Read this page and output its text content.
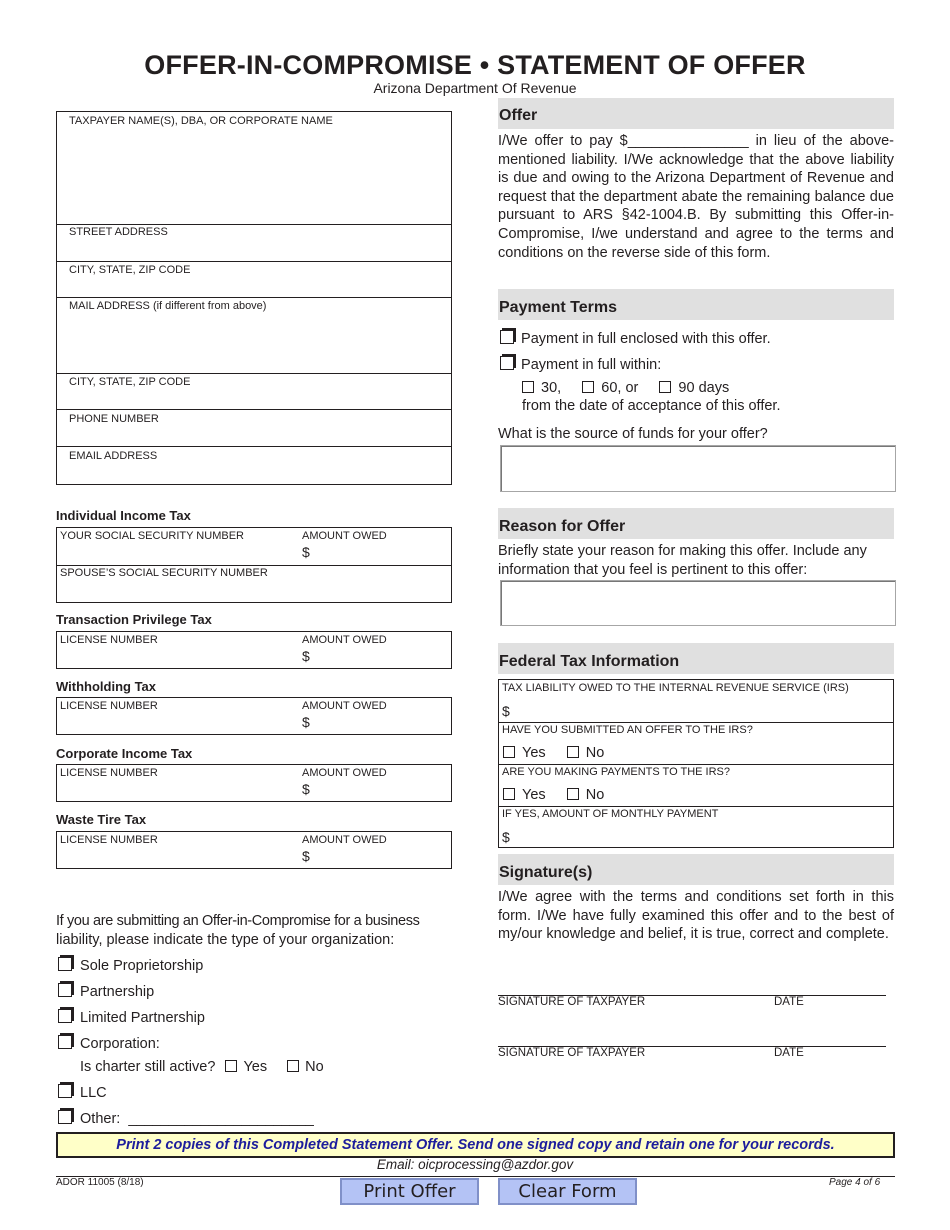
OFFER-IN-COMPROMISE • STATEMENT OF OFFER
Arizona Department Of Revenue
TAXPAYER NAME(S), DBA, OR CORPORATE NAME
STREET ADDRESS
CITY, STATE, ZIP CODE
MAIL ADDRESS (if different from above)
CITY, STATE, ZIP CODE
PHONE NUMBER
EMAIL ADDRESS
Individual Income Tax
YOUR SOCIAL SECURITY NUMBER	AMOUNT OWED
$
SPOUSE’S SOCIAL SECURITY NUMBER
Transaction Privilege Tax
LICENSE NUMBER	AMOUNT OWED
$
Withholding Tax
LICENSE NUMBER	AMOUNT OWED
$
Corporate Income Tax
LICENSE NUMBER	AMOUNT OWED
$
Waste Tire Tax
LICENSE NUMBER	AMOUNT OWED
$
If you are submitting an Offer-in-Compromise for a business
liability, please indicate the type of your organization:
Sole Proprietorship
Partnership
Limited Partnership
Corporation:
Is charter still active? Yes	No
LLC
Other: _______________________
Offer
I/We offer to pay $_______________ in lieu of the above-mentioned liability. I/We acknowledge that the above liability is due and owing to the Arizona Department of Revenue and request that the department abate the remaining balance due pursuant to ARS §42-1004.B. By submitting this Offer-in-Compromise, I/we understand and agree to the terms and conditions on the reverse side of this form.
Payment Terms
Payment in full enclosed with this offer.
Payment in full within:
30,	60, or	90 days
from the date of acceptance of this offer.
What is the source of funds for your offer?
Reason for Offer
Briefly state your reason for making this offer. Include any information that you feel is pertinent to this offer:
Federal Tax Information
TAX LIABILITY OWED TO THE INTERNAL REVENUE SERVICE (IRS)
$
HAVE YOU SUBMITTED AN OFFER TO THE IRS?
Yes	No
ARE YOU MAKING PAYMENTS TO THE IRS?
Yes	No
IF YES, AMOUNT OF MONTHLY PAYMENT
$
Signature(s)
I/We agree with the terms and conditions set forth in this form. I/We have fully examined this offer and to the best of my/our knowledge and belief, it is true, correct and complete.
SIGNATURE OF TAXPAYER	DATE
SIGNATURE OF TAXPAYER	DATE
Print 2 copies of this Completed Statement Offer. Send one signed copy and retain one for your records.
Email: oicprocessing@azdor.gov
ADOR 11005 (8/18)	Page 4 of 6
Print Offer	Clear Form
